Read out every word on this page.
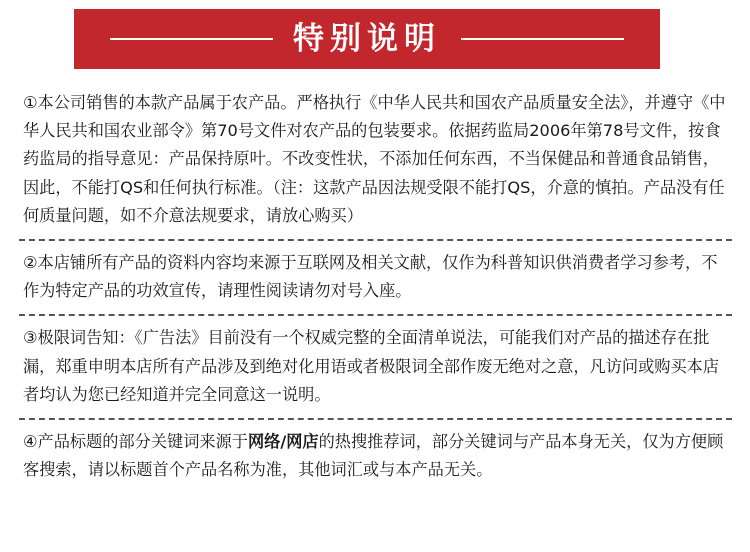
特别说明
①本公司销售的本款产品属于农产品。严格执行《中华人民共和国农产品质量安全法》，并遵守《中华人民共和国农业部令》第70号文件对农产品的包装要求。依据药监局2006年第78号文件，按食药监局的指导意见：产品保持原叶。不改变性状，不添加任何东西，不当保健品和普通食品销售，因此，不能打QS和任何执行标准。（注：这款产品因法规受限不能打QS，介意的慎拍。产品没有任何质量问题，如不介意法规要求，请放心购买）
②本店铺所有产品的资料内容均来源于互联网及相关文献，仅作为科普知识供消费者学习参考，不作为特定产品的功效宣传，请理性阅读请勿对号入座。
③极限词告知：《广告法》目前没有一个权威完整的全面清单说法，可能我们对产品的描述存在批漏，郑重申明本店所有产品涉及到绝对化用语或者极限词全部作废无绝对之意，凡访问或购买本店者均认为您已经知道并完全同意这一说明。
④产品标题的部分关键词来源于网络/网店的热搜推荐词，部分关键词与产品本身无关，仅为方便顾客搜索，请以标题首个产品名称为准，其他词汇或与本产品无关。
